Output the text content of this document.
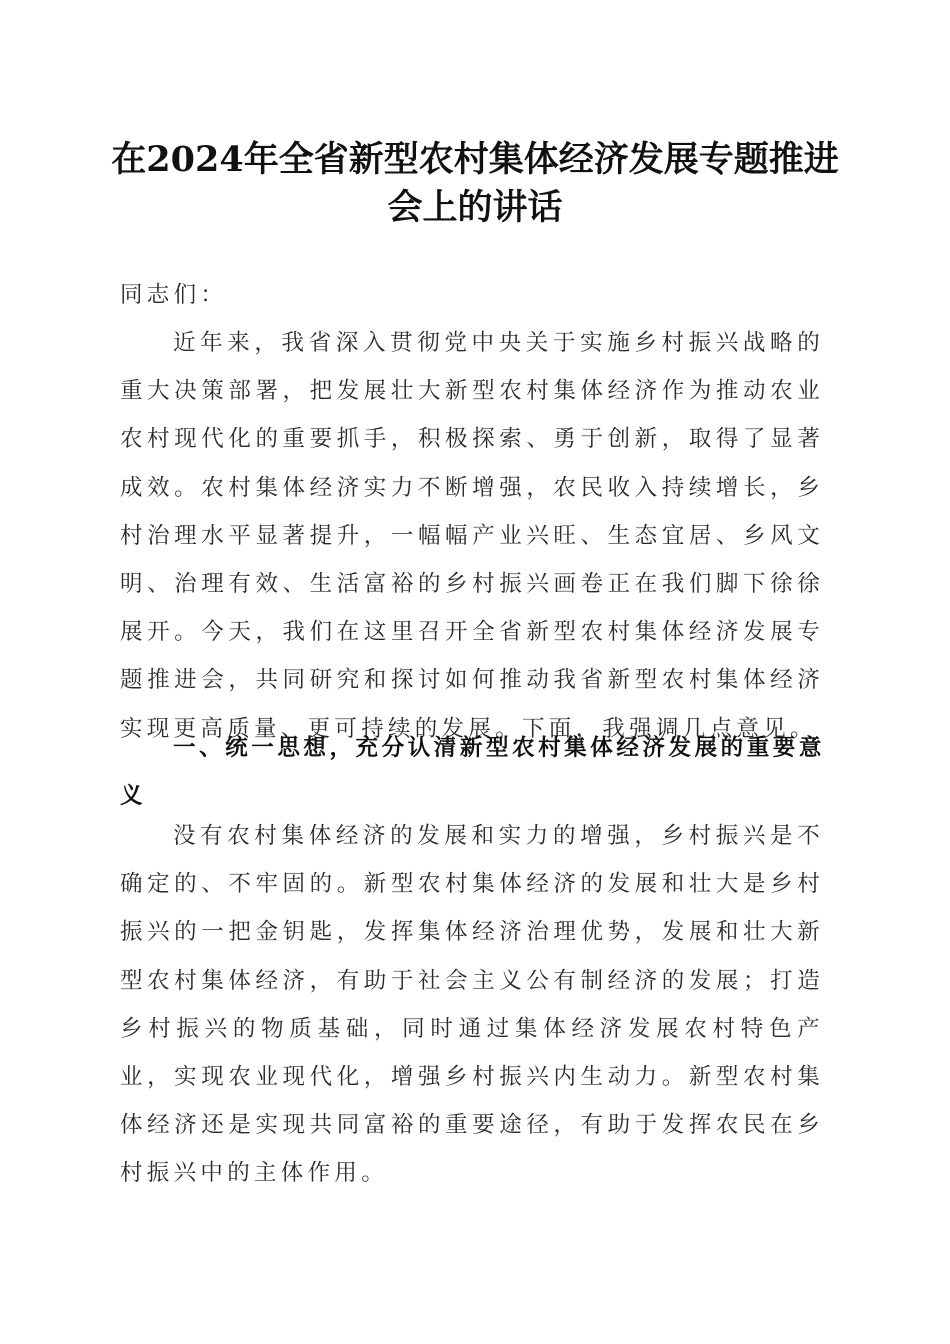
在2024年全省新型农村集体经济发展专题推进会上的讲话

同志们：

近年来，我省深入贯彻党中央关于实施乡村振兴战略的重大决策部署，把发展壮大新型农村集体经济作为推动农业农村现代化的重要抓手，积极探索、勇于创新，取得了显著成效。农村集体经济实力不断增强，农民收入持续增长，乡村治理水平显著提升，一幅幅产业兴旺、生态宜居、乡风文明、治理有效、生活富裕的乡村振兴画卷正在我们脚下徐徐展开。今天，我们在这里召开全省新型农村集体经济发展专题推进会，共同研究和探讨如何推动我省新型农村集体经济实现更高质量、更可持续的发展。下面，我强调几点意见。

一、统一思想，充分认清新型农村集体经济发展的重要意义

没有农村集体经济的发展和实力的增强，乡村振兴是不确定的、不牢固的。新型农村集体经济的发展和壮大是乡村振兴的一把金钥匙，发挥集体经济治理优势，发展和壮大新型农村集体经济，有助于社会主义公有制经济的发展；打造乡村振兴的物质基础，同时通过集体经济发展农村特色产业，实现农业现代化，增强乡村振兴内生动力。新型农村集体经济还是实现共同富裕的重要途径，有助于发挥农民在乡村振兴中的主体作用。
